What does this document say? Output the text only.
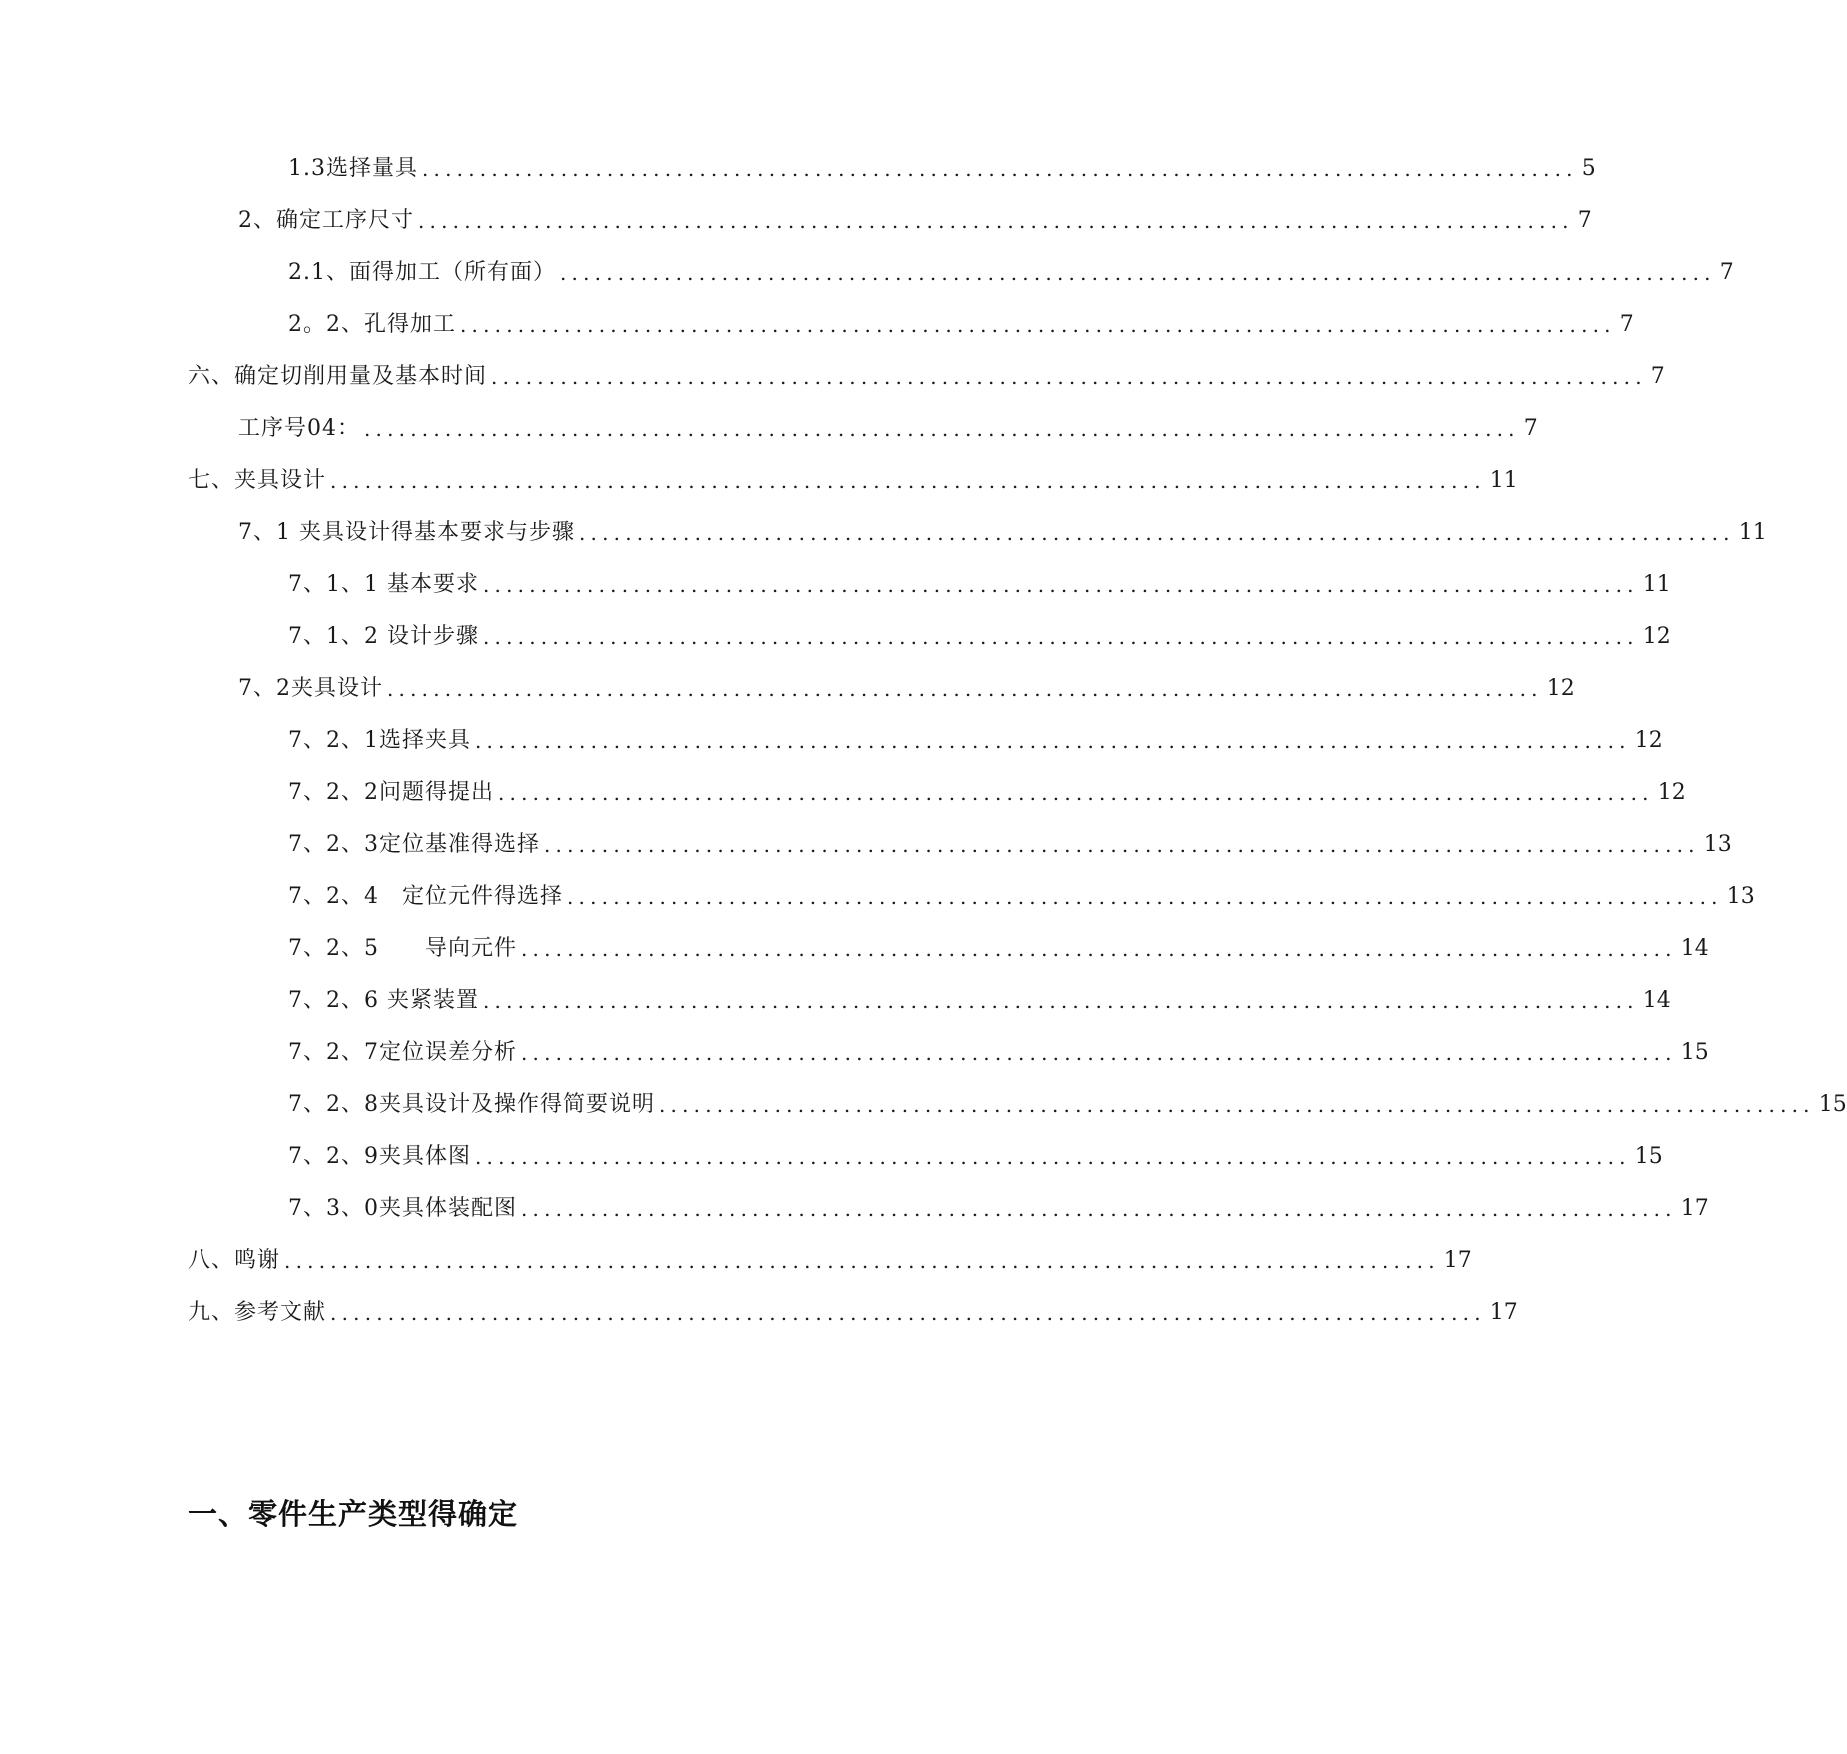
1.3选择量具 .................................................................................................... 5
2、确定工序尺寸 .................................................................................................... 7
2.1、面得加工（所有面） .................................................................................................... 7
2。2、孔得加工 .................................................................................................... 7
六、确定切削用量及基本时间 .................................................................................................... 7
工序号04： .................................................................................................... 7
七、夹具设计 .................................................................................................... 11
7、1 夹具设计得基本要求与步骤 .................................................................................................... 11
7、1、1 基本要求 .................................................................................................... 11
7、1、2 设计步骤 .................................................................................................... 12
7、2夹具设计 .................................................................................................... 12
7、2、1选择夹具 .................................................................................................... 12
7、2、2问题得提出 .................................................................................................... 12
7、2、3定位基准得选择 .................................................................................................... 13
7、2、4　定位元件得选择 .................................................................................................... 13
7、2、5　　导向元件 .................................................................................................... 14
7、2、6 夹紧装置 .................................................................................................... 14
7、2、7定位误差分析 .................................................................................................... 15
7、2、8夹具设计及操作得简要说明 .................................................................................................... 15
7、2、9夹具体图 .................................................................................................... 15
7、3、0夹具体装配图 .................................................................................................... 17
八、鸣谢 .................................................................................................... 17
九、参考文献 .................................................................................................... 17
一、零件生产类型得确定
